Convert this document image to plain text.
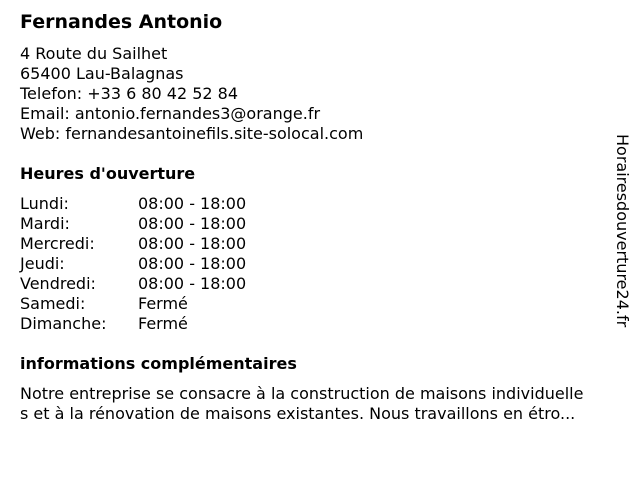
Fernandes Antonio
4 Route du Sailhet
65400 Lau-Balagnas
Telefon: +33 6 80 42 52 84
Email: antonio.fernandes3@orange.fr
Web: fernandesantoinefils.site-solocal.com
Heures d'ouverture
Lundi:	08:00 - 18:00
Mardi:	08:00 - 18:00
Mercredi:	08:00 - 18:00
Jeudi:	08:00 - 18:00
Vendredi:	08:00 - 18:00
Samedi:	Fermé
Dimanche: Fermé
informations complémentaires
Notre entreprise se consacre à la construction de maisons individuelle
s et à la rénovation de maisons existantes. Nous travaillons en étro...
Horairesdouverture24.fr
